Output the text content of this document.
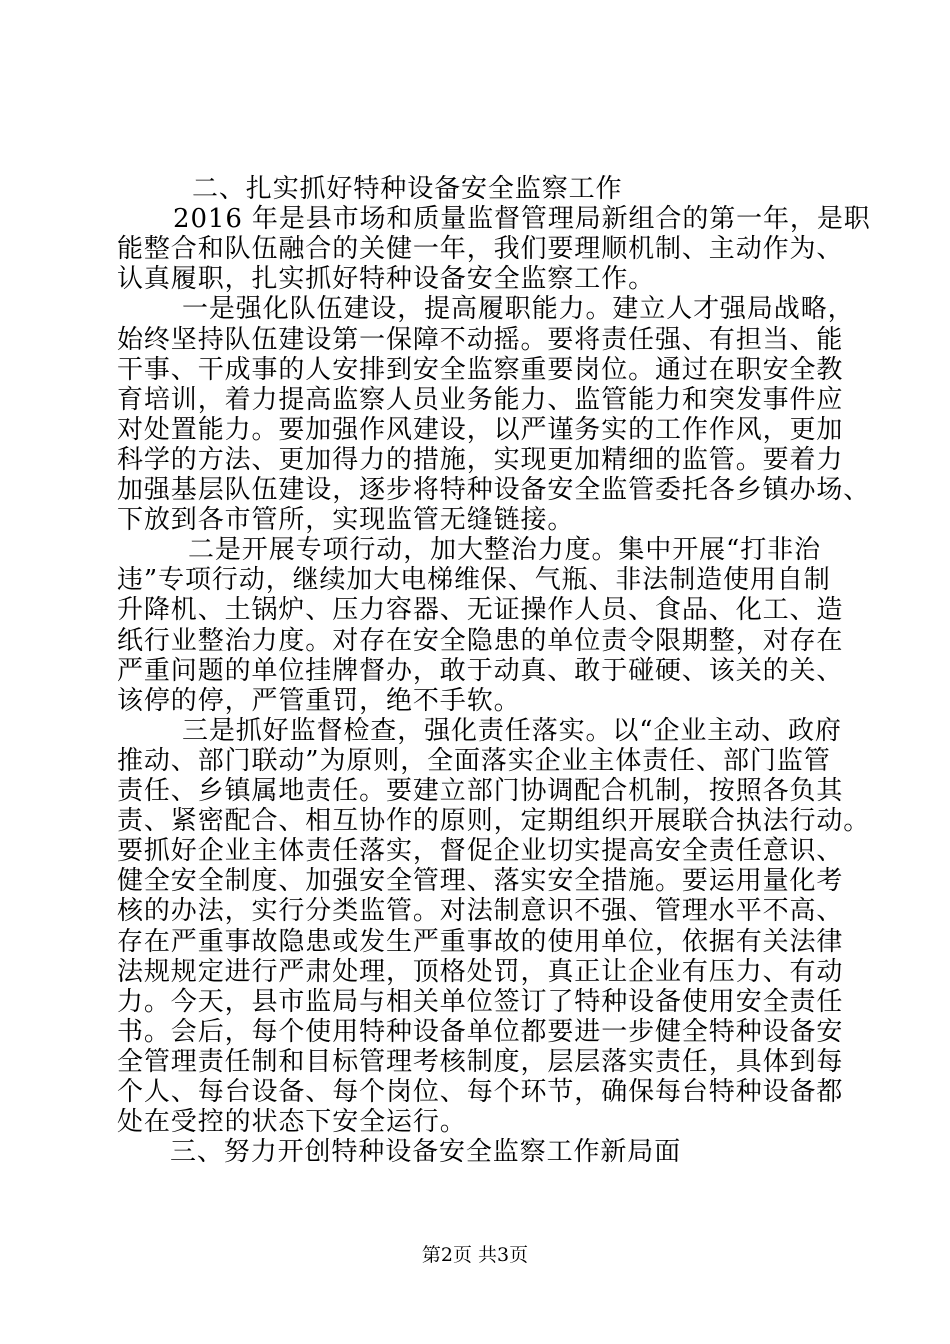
二、扎实抓好特种设备安全监察工作
2016 年是县市场和质量监督管理局新组合的第一年，是职
能整合和队伍融合的关健一年，我们要理顺机制、主动作为、
认真履职，扎实抓好特种设备安全监察工作。
一是强化队伍建设，提高履职能力。建立人才强局战略，
始终坚持队伍建设第一保障不动摇。要将责任强、有担当、能
干事、干成事的人安排到安全监察重要岗位。通过在职安全教
育培训，着力提高监察人员业务能力、监管能力和突发事件应
对处置能力。要加强作风建设，以严谨务实的工作作风，更加
科学的方法、更加得力的措施，实现更加精细的监管。要着力
加强基层队伍建设，逐步将特种设备安全监管委托各乡镇办场、
下放到各市管所，实现监管无缝链接。
二是开展专项行动，加大整治力度。集中开展“打非治
违”专项行动，继续加大电梯维保、气瓶、非法制造使用自制
升降机、土锅炉、压力容器、无证操作人员、食品、化工、造
纸行业整治力度。对存在安全隐患的单位责令限期整，对存在
严重问题的单位挂牌督办，敢于动真、敢于碰硬、该关的关、
该停的停，严管重罚，绝不手软。
三是抓好监督检查，强化责任落实。以“企业主动、政府
推动、部门联动”为原则，全面落实企业主体责任、部门监管
责任、乡镇属地责任。要建立部门协调配合机制，按照各负其
责、紧密配合、相互协作的原则，定期组织开展联合执法行动。
要抓好企业主体责任落实，督促企业切实提高安全责任意识、
健全安全制度、加强安全管理、落实安全措施。要运用量化考
核的办法，实行分类监管。对法制意识不强、管理水平不高、
存在严重事故隐患或发生严重事故的使用单位，依据有关法律
法规规定进行严肃处理，顶格处罚，真正让企业有压力、有动
力。今天，县市监局与相关单位签订了特种设备使用安全责任
书。会后，每个使用特种设备单位都要进一步健全特种设备安
全管理责任制和目标管理考核制度，层层落实责任，具体到每
个人、每台设备、每个岗位、每个环节，确保每台特种设备都
处在受控的状态下安全运行。
三、努力开创特种设备安全监察工作新局面
第2页 共3页
